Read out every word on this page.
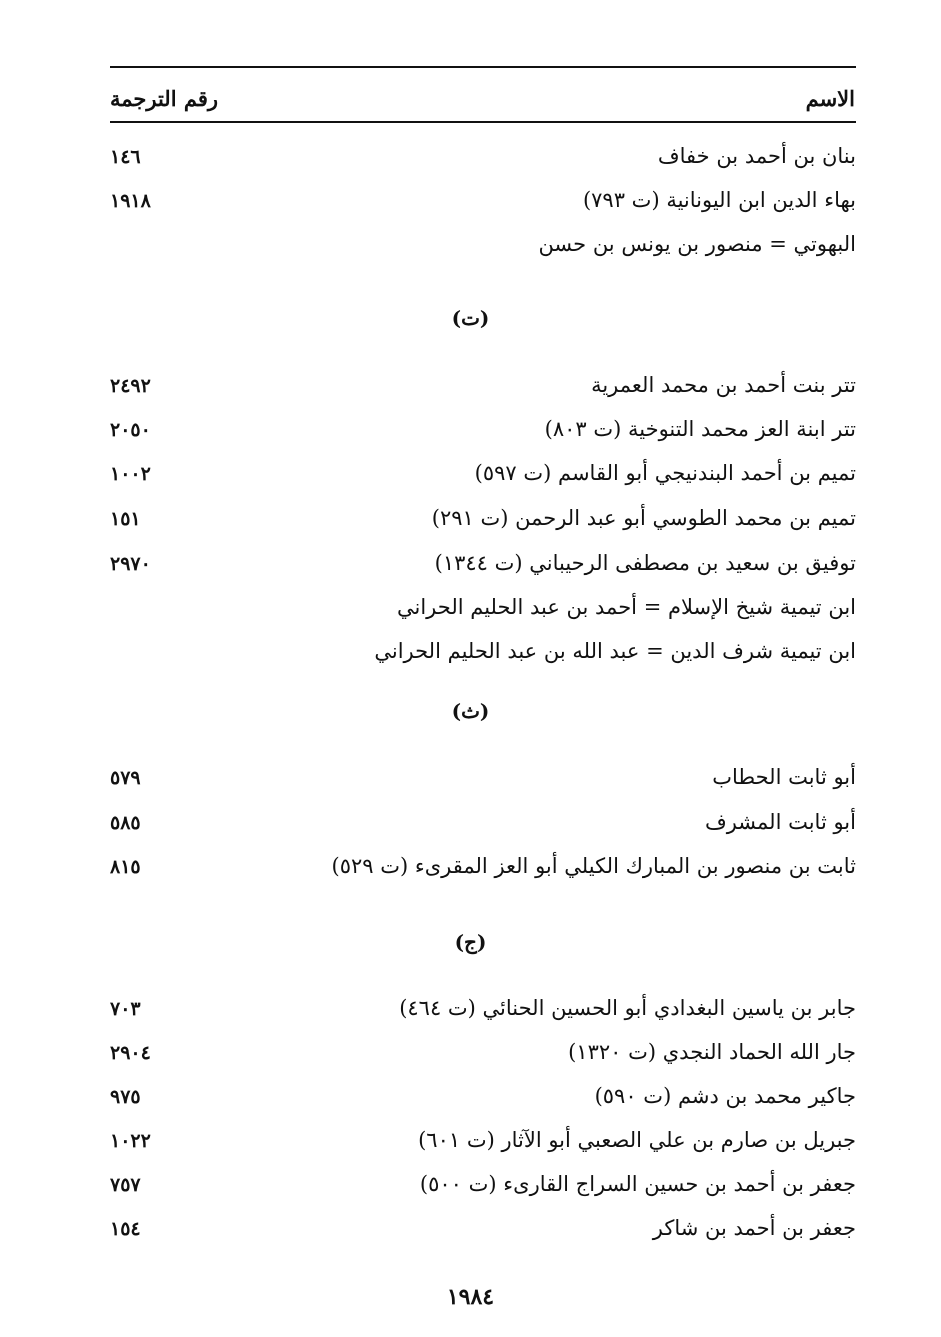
الاسم
رقم الترجمة
بنان بن أحمد بن خفاف
١٤٦
بهاء الدين ابن اليونانية (ت ٧٩٣)
١٩١٨
البهوتي = منصور بن يونس بن حسن
(ت)
تتر بنت أحمد بن محمد العمرية
٢٤٩٢
تتر ابنة العز محمد التنوخية (ت ٨٠٣)
٢٠٥٠
تميم بن أحمد البندنيجي أبو القاسم (ت ٥٩٧)
١٠٠٢
تميم بن محمد الطوسي أبو عبد الرحمن (ت ٢٩١)
١٥١
توفيق بن سعيد بن مصطفى الرحيباني (ت ١٣٤٤)
٢٩٧٠
ابن تيمية شيخ الإسلام = أحمد بن عبد الحليم الحراني
ابن تيمية شرف الدين = عبد الله بن عبد الحليم الحراني
(ث)
أبو ثابت الحطاب
٥٧٩
أبو ثابت المشرف
٥٨٥
ثابت بن منصور بن المبارك الكيلي أبو العز المقرىء (ت ٥٢٩)
٨١٥
(ج)
جابر بن ياسين البغدادي أبو الحسين الحنائي (ت ٤٦٤)
٧٠٣
جار الله الحماد النجدي (ت ١٣٢٠)
٢٩٠٤
جاكير محمد بن دشم (ت ٥٩٠)
٩٧٥
جبريل بن صارم بن علي الصعبي أبو الآثار (ت ٦٠١)
١٠٢٢
جعفر بن أحمد بن حسين السراج القارىء (ت ٥٠٠)
٧٥٧
جعفر بن أحمد بن شاكر
١٥٤
١٩٨٤
